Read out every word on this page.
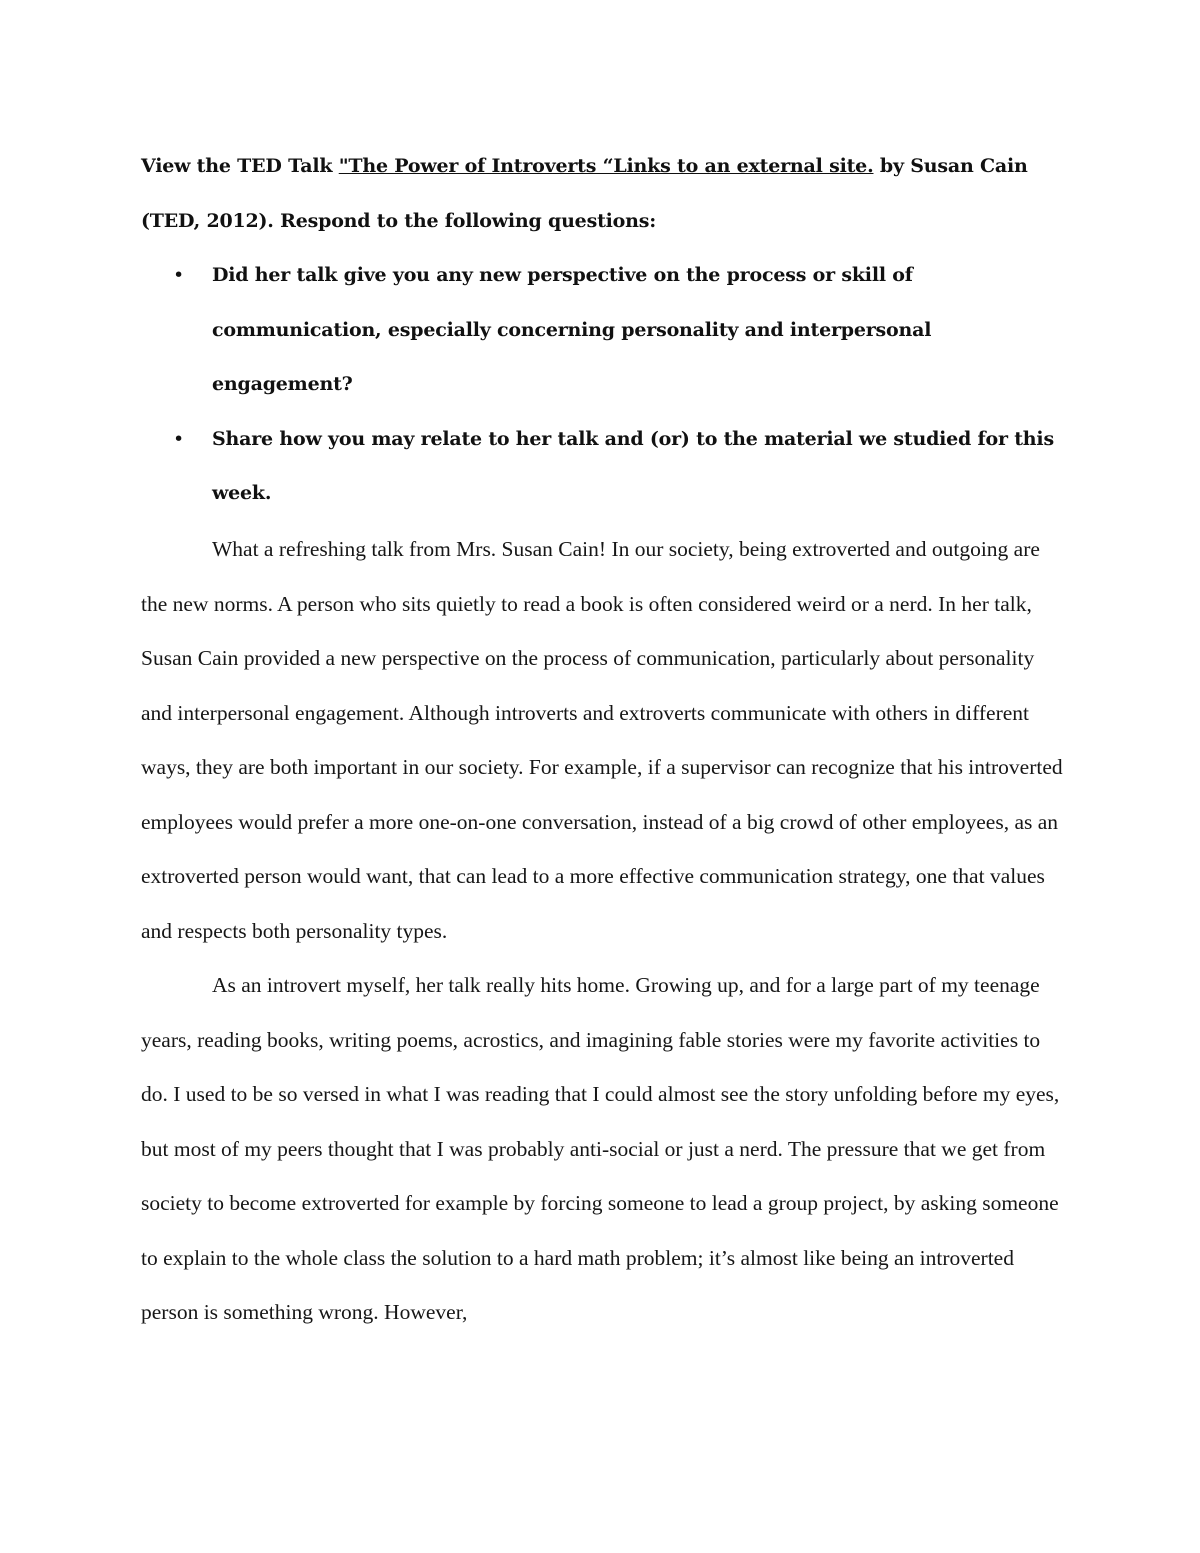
View the TED Talk "The Power of Introverts “Links to an external site. by Susan Cain (TED, 2012). Respond to the following questions:

• Did her talk give you any new perspective on the process or skill of communication, especially concerning personality and interpersonal engagement?
• Share how you may relate to her talk and (or) to the material we studied for this week.

What a refreshing talk from Mrs. Susan Cain! In our society, being extroverted and outgoing are the new norms. A person who sits quietly to read a book is often considered weird or a nerd. In her talk, Susan Cain provided a new perspective on the process of communication, particularly about personality and interpersonal engagement. Although introverts and extroverts communicate with others in different ways, they are both important in our society. For example, if a supervisor can recognize that his introverted employees would prefer a more one-on-one conversation, instead of a big crowd of other employees, as an extroverted person would want, that can lead to a more effective communication strategy, one that values and respects both personality types.

As an introvert myself, her talk really hits home. Growing up, and for a large part of my teenage years, reading books, writing poems, acrostics, and imagining fable stories were my favorite activities to do. I used to be so versed in what I was reading that I could almost see the story unfolding before my eyes, but most of my peers thought that I was probably anti-social or just a nerd. The pressure that we get from society to become extroverted for example by forcing someone to lead a group project, by asking someone to explain to the whole class the solution to a hard math problem; it’s almost like being an introverted person is something wrong. However,
